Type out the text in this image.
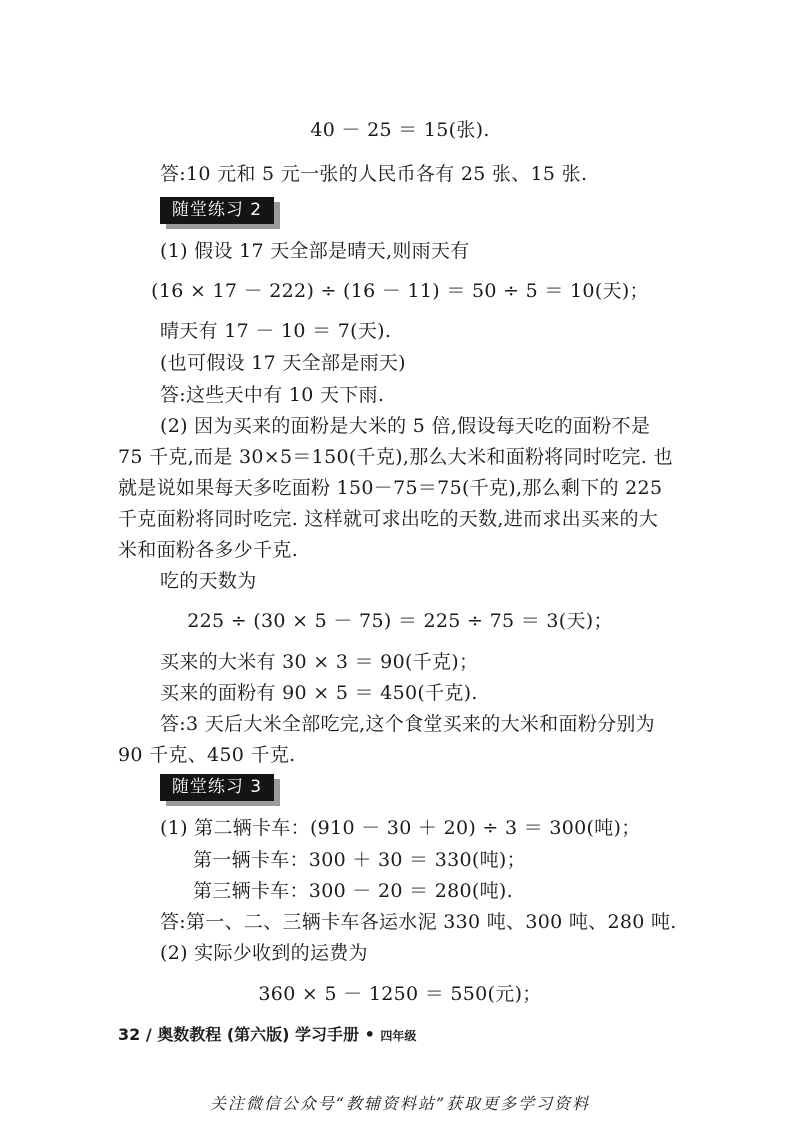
40 － 25 ＝ 15(张).
答:10 元和 5 元一张的人民币各有 25 张、15 张.
随堂练习 2
(1) 假设 17 天全部是晴天,则雨天有
(16 × 17 － 222) ÷ (16 － 11) ＝ 50 ÷ 5 ＝ 10(天)；
晴天有 17 － 10 ＝ 7(天).
(也可假设 17 天全部是雨天)
答:这些天中有 10 天下雨.
(2) 因为买来的面粉是大米的 5 倍,假设每天吃的面粉不是
75 千克,而是 30×5＝150(千克),那么大米和面粉将同时吃完. 也
就是说如果每天多吃面粉 150－75＝75(千克),那么剩下的 225
千克面粉将同时吃完. 这样就可求出吃的天数,进而求出买来的大
米和面粉各多少千克.
吃的天数为
225 ÷ (30 × 5 － 75) ＝ 225 ÷ 75 ＝ 3(天)；
买来的大米有 30 × 3 ＝ 90(千克)；
买来的面粉有 90 × 5 ＝ 450(千克).
答:3 天后大米全部吃完,这个食堂买来的大米和面粉分别为
90 千克、450 千克.
随堂练习 3
(1) 第二辆卡车：(910 － 30 ＋ 20) ÷ 3 ＝ 300(吨)；
第一辆卡车：300 ＋ 30 ＝ 330(吨)；
第三辆卡车：300 － 20 ＝ 280(吨).
答:第一、二、三辆卡车各运水泥 330 吨、300 吨、280 吨.
(2) 实际少收到的运费为
360 × 5 － 1250 ＝ 550(元)；
32 / 奥数教程 (第六版) 学习手册 • 四年级
关注微信公众号“教辅资料站”获取更多学习资料
